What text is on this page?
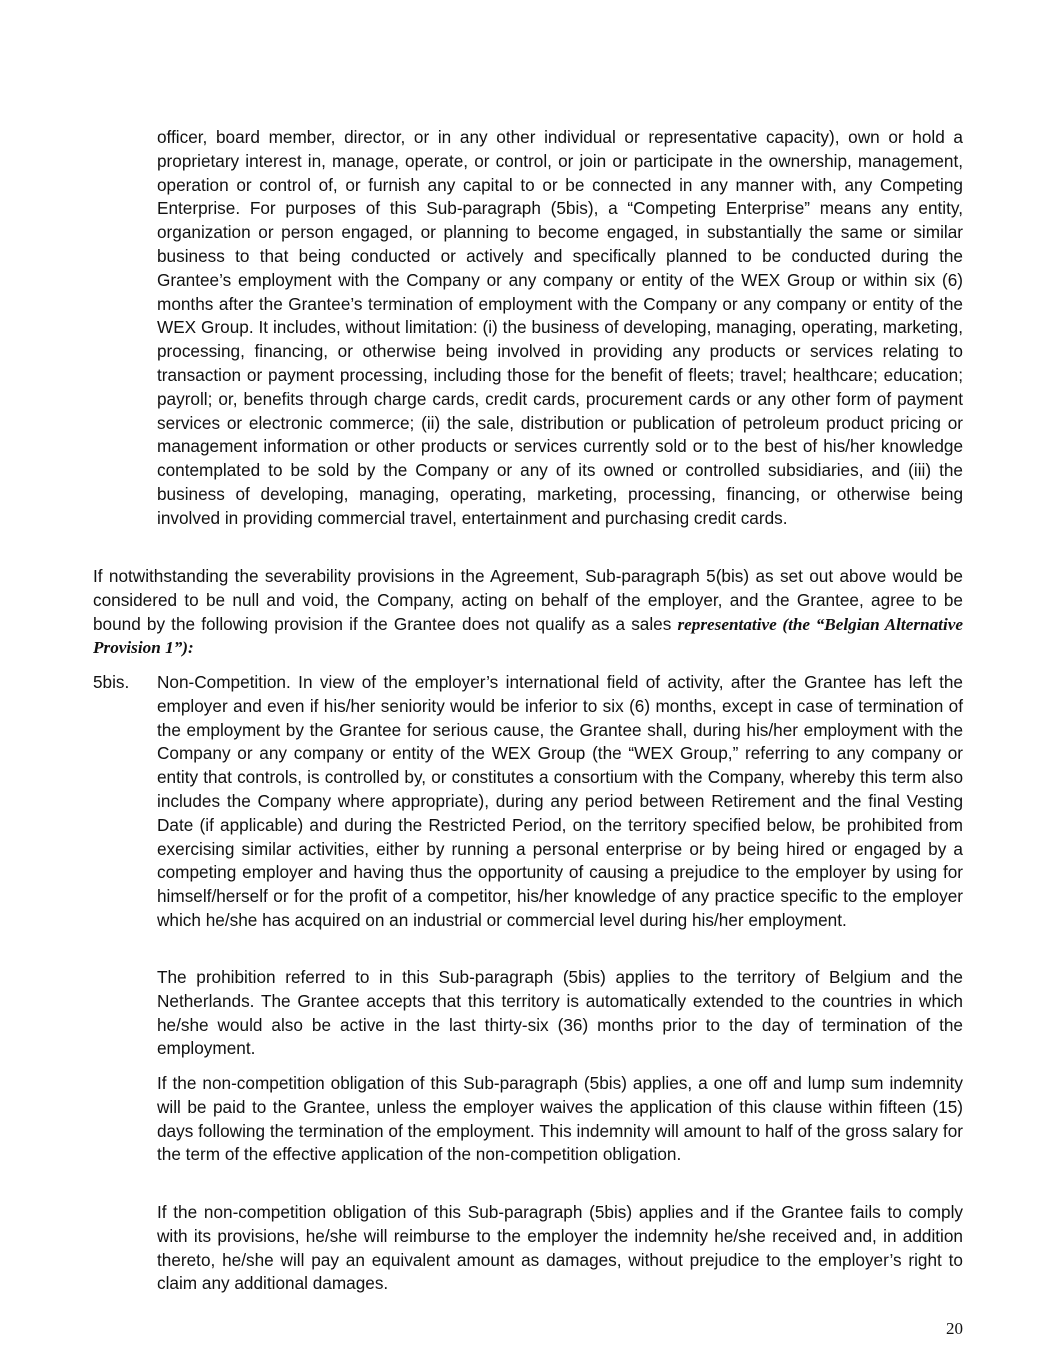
officer, board member, director, or in any other individual or representative capacity), own or hold a proprietary interest in, manage, operate, or control, or join or participate in the ownership, management, operation or control of, or furnish any capital to or be connected in any manner with, any Competing Enterprise. For purposes of this Sub-paragraph (5bis), a “Competing Enterprise” means any entity, organization or person engaged, or planning to become engaged, in substantially the same or similar business to that being conducted or actively and specifically planned to be conducted during the Grantee’s employment with the Company or any company or entity of the WEX Group or within six (6) months after the Grantee’s termination of employment with the Company or any company or entity of the WEX Group. It includes, without limitation: (i) the business of developing, managing, operating, marketing, processing, financing, or otherwise being involved in providing any products or services relating to transaction or payment processing, including those for the benefit of fleets; travel; healthcare; education; payroll; or, benefits through charge cards, credit cards, procurement cards or any other form of payment services or electronic commerce; (ii) the sale, distribution or publication of petroleum product pricing or management information or other products or services currently sold or to the best of his/her knowledge contemplated to be sold by the Company or any of its owned or controlled subsidiaries, and (iii) the business of developing, managing, operating, marketing, processing, financing, or otherwise being involved in providing commercial travel, entertainment and purchasing credit cards.

If notwithstanding the severability provisions in the Agreement, Sub-paragraph 5(bis) as set out above would be considered to be null and void, the Company, acting on behalf of the employer, and the Grantee, agree to be bound by the following provision if the Grantee does not qualify as a sales representative (the “Belgian Alternative Provision 1”):

5bis. Non-Competition. In view of the employer’s international field of activity, after the Grantee has left the employer and even if his/her seniority would be inferior to six (6) months, except in case of termination of the employment by the Grantee for serious cause, the Grantee shall, during his/her employment with the Company or any company or entity of the WEX Group (the “WEX Group,” referring to any company or entity that controls, is controlled by, or constitutes a consortium with the Company, whereby this term also includes the Company where appropriate), during any period between Retirement and the final Vesting Date (if applicable) and during the Restricted Period, on the territory specified below, be prohibited from exercising similar activities, either by running a personal enterprise or by being hired or engaged by a competing employer and having thus the opportunity of causing a prejudice to the employer by using for himself/herself or for the profit of a competitor, his/her knowledge of any practice specific to the employer which he/she has acquired on an industrial or commercial level during his/her employment.

The prohibition referred to in this Sub-paragraph (5bis) applies to the territory of Belgium and the Netherlands. The Grantee accepts that this territory is automatically extended to the countries in which he/she would also be active in the last thirty-six (36) months prior to the day of termination of the employment.

If the non-competition obligation of this Sub-paragraph (5bis) applies, a one off and lump sum indemnity will be paid to the Grantee, unless the employer waives the application of this clause within fifteen (15) days following the termination of the employment. This indemnity will amount to half of the gross salary for the term of the effective application of the non-competition obligation.

If the non-competition obligation of this Sub-paragraph (5bis) applies and if the Grantee fails to comply with its provisions, he/she will reimburse to the employer the indemnity he/she received and, in addition thereto, he/she will pay an equivalent amount as damages, without prejudice to the employer’s right to claim any additional damages.

20
